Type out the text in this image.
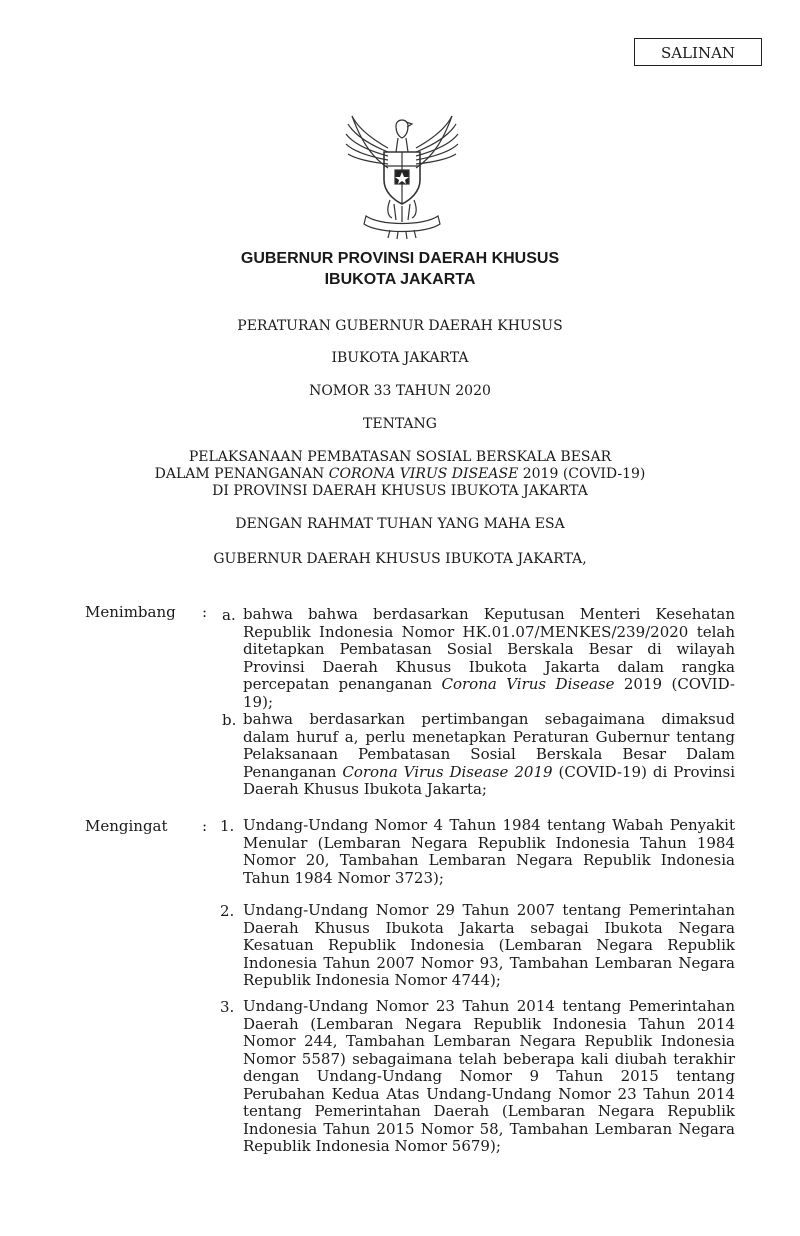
SALINAN
GUBERNUR PROVINSI DAERAH KHUSUS
IBUKOTA JAKARTA
PERATURAN GUBERNUR DAERAH KHUSUS
IBUKOTA JAKARTA
NOMOR 33 TAHUN 2020
TENTANG
PELAKSANAAN PEMBATASAN SOSIAL BERSKALA BESAR
DALAM PENANGANAN CORONA VIRUS DISEASE 2019 (COVID-19)
DI PROVINSI DAERAH KHUSUS IBUKOTA JAKARTA
DENGAN RAHMAT TUHAN YANG MAHA ESA
GUBERNUR DAERAH KHUSUS IBUKOTA JAKARTA,
Menimbang : a. bahwa bahwa berdasarkan Keputusan Menteri Kesehatan Republik Indonesia Nomor HK.01.07/MENKES/239/2020 telah ditetapkan Pembatasan Sosial Berskala Besar di wilayah Provinsi Daerah Khusus Ibukota Jakarta dalam rangka percepatan penanganan Corona Virus Disease 2019 (COVID-19);
b. bahwa berdasarkan pertimbangan sebagaimana dimaksud dalam huruf a, perlu menetapkan Peraturan Gubernur tentang Pelaksanaan Pembatasan Sosial Berskala Besar Dalam Penanganan Corona Virus Disease 2019 (COVID-19) di Provinsi Daerah Khusus Ibukota Jakarta;
Mengingat : 1. Undang-Undang Nomor 4 Tahun 1984 tentang Wabah Penyakit Menular (Lembaran Negara Republik Indonesia Tahun 1984 Nomor 20, Tambahan Lembaran Negara Republik Indonesia Tahun 1984 Nomor 3723);
2. Undang-Undang Nomor 29 Tahun 2007 tentang Pemerintahan Daerah Khusus Ibukota Jakarta sebagai Ibukota Negara Kesatuan Republik Indonesia (Lembaran Negara Republik Indonesia Tahun 2007 Nomor 93, Tambahan Lembaran Negara Republik Indonesia Nomor 4744);
3. Undang-Undang Nomor 23 Tahun 2014 tentang Pemerintahan Daerah (Lembaran Negara Republik Indonesia Tahun 2014 Nomor 244, Tambahan Lembaran Negara Republik Indonesia Nomor 5587) sebagaimana telah beberapa kali diubah terakhir dengan Undang-Undang Nomor 9 Tahun 2015 tentang Perubahan Kedua Atas Undang-Undang Nomor 23 Tahun 2014 tentang Pemerintahan Daerah (Lembaran Negara Republik Indonesia Tahun 2015 Nomor 58, Tambahan Lembaran Negara Republik Indonesia Nomor 5679);
